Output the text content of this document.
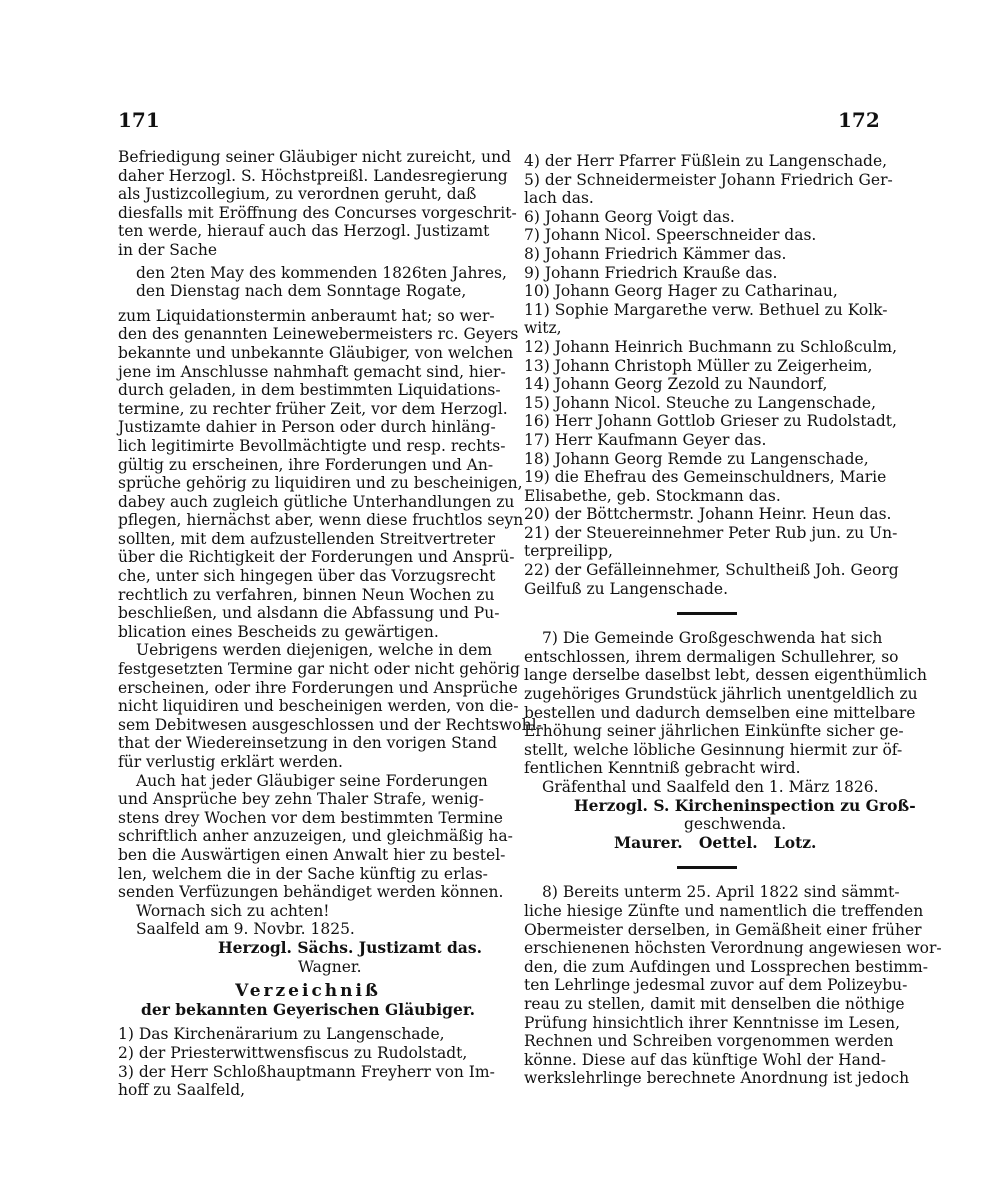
171	172
Befriedigung seiner Gläubiger nicht zureicht, und
daher Herzogl. S. Höchstpreißl. Landesregierung
als Justizcollegium, zu verordnen geruht, daß
diesfalls mit Eröffnung des Concurses vorgeschrit-
ten werde, hierauf auch das Herzogl. Justizamt
in der Sache
den 2ten May des kommenden 1826ten Jahres,
den Dienstag nach dem Sonntage Rogate,
zum Liquidationstermin anberaumt hat; so wer-
den des genannten Leinewebermeisters rc. Geyers
bekannte und unbekannte Gläubiger, von welchen
jene im Anschlusse nahmhaft gemacht sind, hier-
durch geladen, in dem bestimmten Liquidations-
termine, zu rechter früher Zeit, vor dem Herzogl.
Justizamte dahier in Person oder durch hinläng-
lich legitimirte Bevollmächtigte und resp. rechts-
gültig zu erscheinen, ihre Forderungen und An-
sprüche gehörig zu liquidiren und zu bescheinigen,
dabey auch zugleich gütliche Unterhandlungen zu
pflegen, hiernächst aber, wenn diese fruchtlos seyn
sollten, mit dem aufzustellenden Streitvertreter
über die Richtigkeit der Forderungen und Ansprü-
che, unter sich hingegen über das Vorzugsrecht
rechtlich zu verfahren, binnen Neun Wochen zu
beschließen, und alsdann die Abfassung und Pu-
blication eines Bescheids zu gewärtigen.
Uebrigens werden diejenigen, welche in dem
festgesetzten Termine gar nicht oder nicht gehörig
erscheinen, oder ihre Forderungen und Ansprüche
nicht liquidiren und bescheinigen werden, von die-
sem Debitwesen ausgeschlossen und der Rechtswohl-
that der Wiedereinsetzung in den vorigen Stand
für verlustig erklärt werden.
Auch hat jeder Gläubiger seine Forderungen
und Ansprüche bey zehn Thaler Strafe, wenig-
stens drey Wochen vor dem bestimmten Termine
schriftlich anher anzuzeigen, und gleichmäßig ha-
ben die Auswärtigen einen Anwalt hier zu bestel-
len, welchem die in der Sache künftig zu erlas-
senden Verfüzungen behändiget werden können.
Wornach sich zu achten!
Saalfeld am 9. Novbr. 1825.
Herzogl. Sächs. Justizamt das.
Wagner.
Verzeichniß
der bekannten Geyerischen Gläubiger.
1) Das Kirchenärarium zu Langenschade,
2) der Priesterwittwensfiscus zu Rudolstadt,
3) der Herr Schloßhauptmann Freyherr von Im-
hoff zu Saalfeld,
4) der Herr Pfarrer Füßlein zu Langenschade,
5) der Schneidermeister Johann Friedrich Ger-
lach das.
6) Johann Georg Voigt das.
7) Johann Nicol. Speerschneider das.
8) Johann Friedrich Kämmer das.
9) Johann Friedrich Krauße das.
10) Johann Georg Hager zu Catharinau,
11) Sophie Margarethe verw. Bethuel zu Kolk-
witz,
12) Johann Heinrich Buchmann zu Schloßculm,
13) Johann Christoph Müller zu Zeigerheim,
14) Johann Georg Zezold zu Naundorf,
15) Johann Nicol. Steuche zu Langenschade,
16) Herr Johann Gottlob Grieser zu Rudolstadt,
17) Herr Kaufmann Geyer das.
18) Johann Georg Remde zu Langenschade,
19) die Ehefrau des Gemeinschuldners, Marie
Elisabethe, geb. Stockmann das.
20) der Böttchermstr. Johann Heinr. Heun das.
21) der Steuereinnehmer Peter Rub jun. zu Un-
terpreilipp,
22) der Gefälleinnehmer, Schultheiß Joh. Georg
Geilfuß zu Langenschade.
7) Die Gemeinde Großgeschwenda hat sich
entschlossen, ihrem dermaligen Schullehrer, so
lange derselbe daselbst lebt, dessen eigenthümlich
zugehöriges Grundstück jährlich unentgeldlich zu
bestellen und dadurch demselben eine mittelbare
Erhöhung seiner jährlichen Einkünfte sicher ge-
stellt, welche löbliche Gesinnung hiermit zur öf-
fentlichen Kenntniß gebracht wird.
Gräfenthal und Saalfeld den 1. März 1826.
Herzogl. S. Kircheninspection zu Groß-
geschwenda.
Maurer.   Oettel.   Lotz.
8) Bereits unterm 25. April 1822 sind sämmt-
liche hiesige Zünfte und namentlich die treffenden
Obermeister derselben, in Gemäßheit einer früher
erschienenen höchsten Verordnung angewiesen wor-
den, die zum Aufdingen und Lossprechen bestimm-
ten Lehrlinge jedesmal zuvor auf dem Polizeybu-
reau zu stellen, damit mit denselben die nöthige
Prüfung hinsichtlich ihrer Kenntnisse im Lesen,
Rechnen und Schreiben vorgenommen werden
könne. Diese auf das künftige Wohl der Hand-
werkslehrlinge berechnete Anordnung ist jedoch
